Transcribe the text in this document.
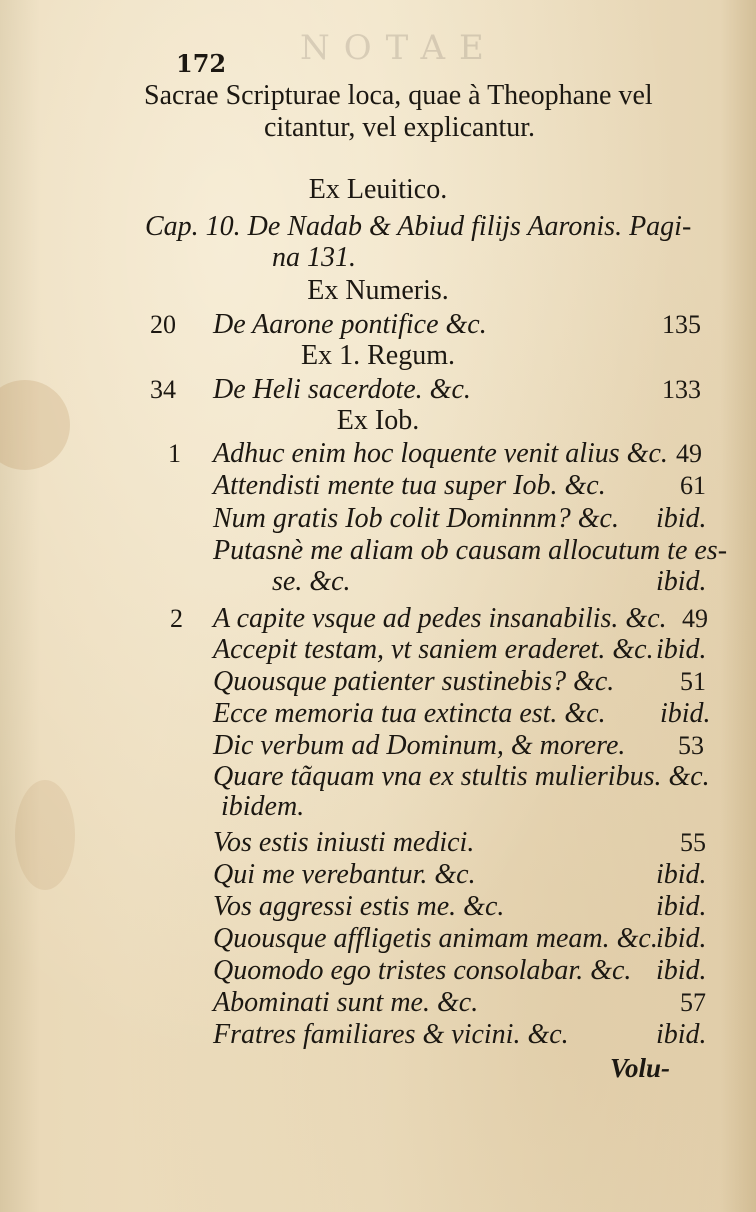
NOTAE
172
Sacrae Scripturae loca, quae à Theophane vel
citantur, vel explicantur.
Ex Leuitico.
Cap. 10. De Nadab & Abiud filijs Aaronis. Pagi-
na 131.
Ex Numeris.
20 De Aarone pontifice &c.	135
Ex 1. Regum.
34 De Heli sacerdote. &c.	133
Ex Iob.
1 Adhuc enim hoc loquente venit alius &c. 49
Attendisti mente tua super Iob. &c.	61
Num gratis Iob colit Dominnm? &c. ibid.
Putasnè me aliam ob causam allocutum te es-
se. &c.	ibid.
2 A capite vsque ad pedes insanabilis. &c. 49
Accepit testam, vt saniem eraderet. &c. ibid.
Quousque patienter sustinebis? &c.	51
Ecce memoria tua extincta est. &c. ibid.
Dic verbum ad Dominum, & morere. 53
Quare tãquam vna ex stultis mulieribus. &c.
ibidem.
Vos estis iniusti medici.	55
Qui me verebantur. &c.	ibid.
Vos aggressi estis me. &c.	ibid.
Quousque affligetis animam meam. &c.
ibid.
Quomodo ego tristes consolabar. &c. ibid.
Abominati sunt me. &c.	57
Fratres familiares & vicini. &c.	ibid.
Volu-
